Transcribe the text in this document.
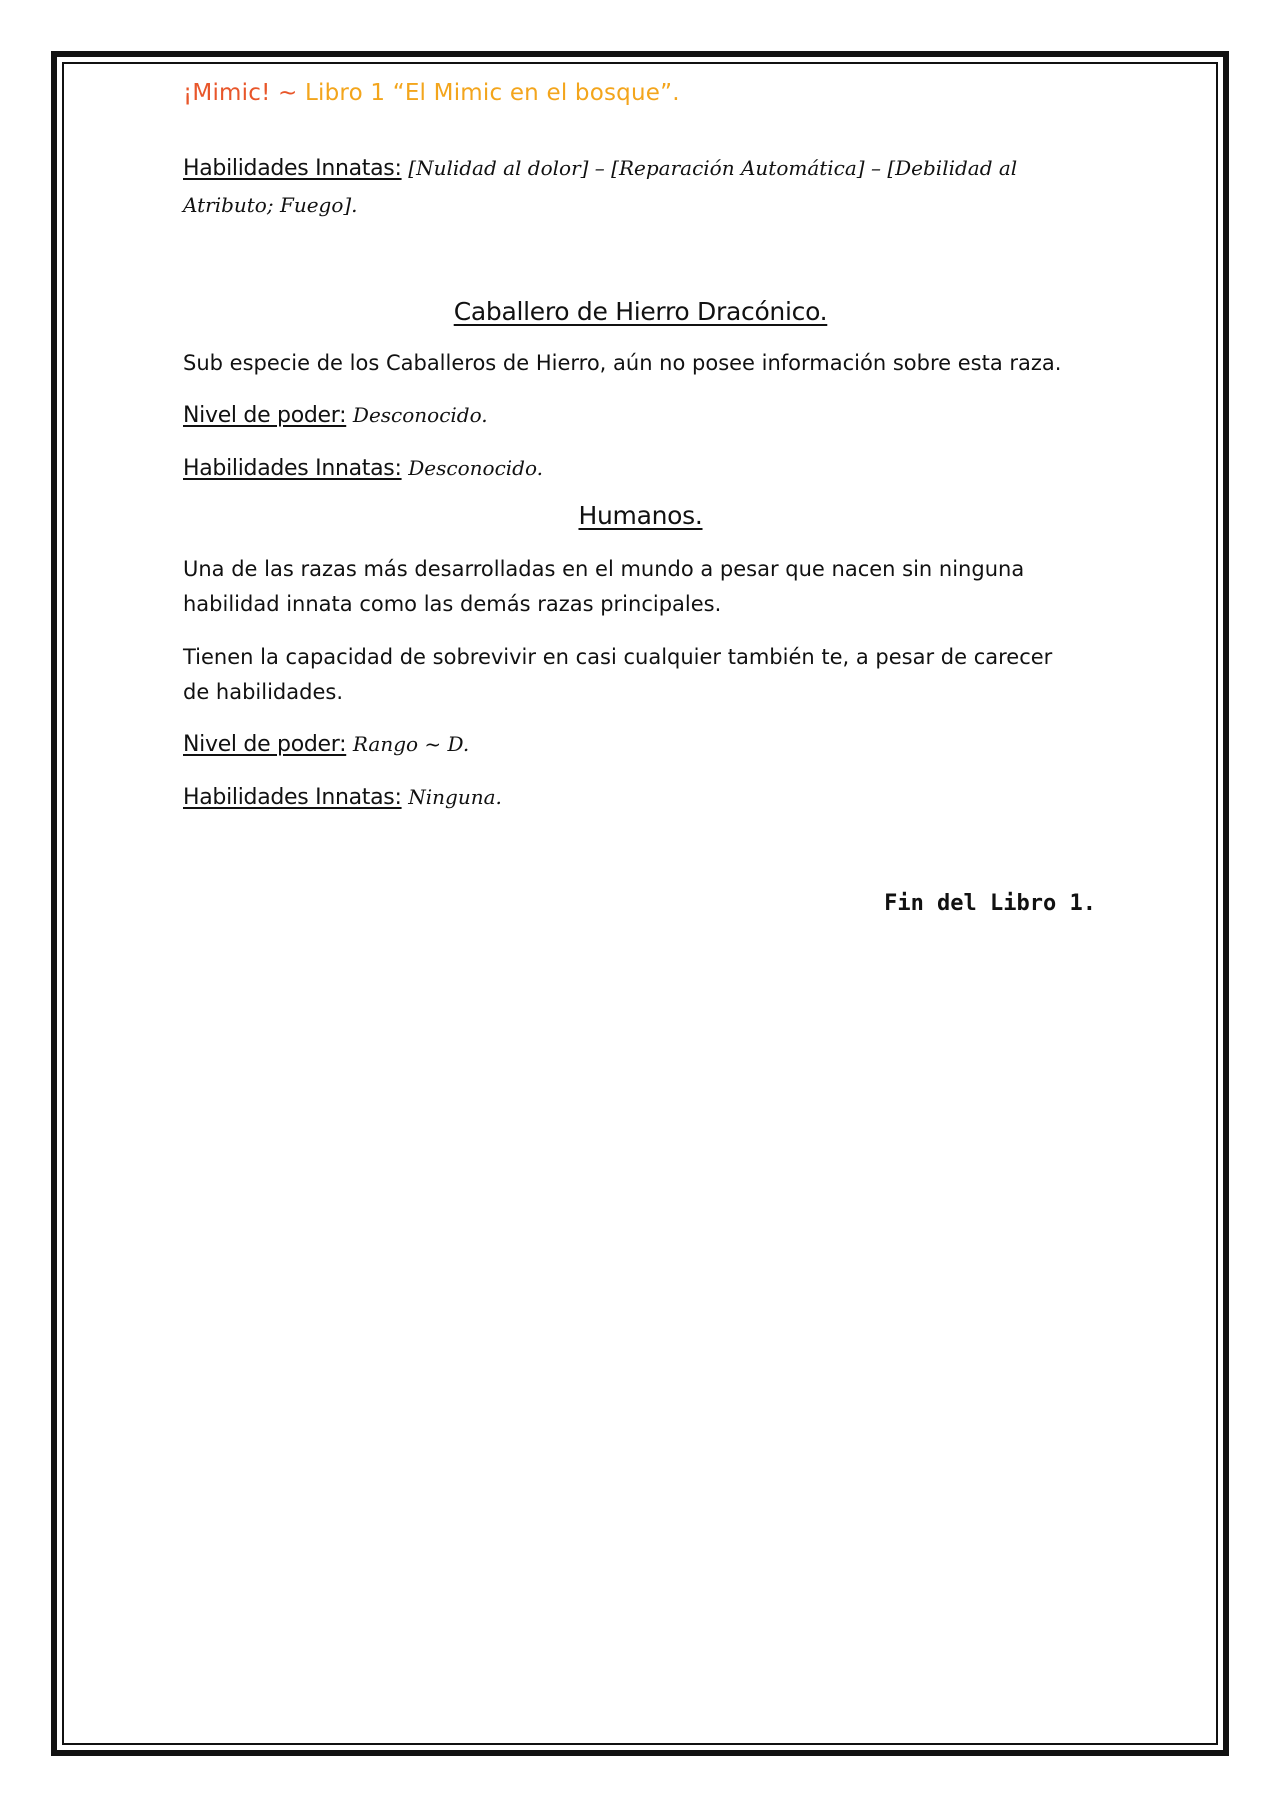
¡Mimic! ~ Libro 1 “El Mimic en el bosque”.

Habilidades Innatas: [Nulidad al dolor] – [Reparación Automática] – [Debilidad al Atributo; Fuego].

Caballero de Hierro Dracónico.

Sub especie de los Caballeros de Hierro, aún no posee información sobre esta raza.

Nivel de poder: Desconocido.

Habilidades Innatas: Desconocido.

Humanos.

Una de las razas más desarrolladas en el mundo a pesar que nacen sin ninguna habilidad innata como las demás razas principales.

Tienen la capacidad de sobrevivir en casi cualquier también te, a pesar de carecer de habilidades.

Nivel de poder: Rango ~ D.

Habilidades Innatas: Ninguna.

Fin del Libro 1.
